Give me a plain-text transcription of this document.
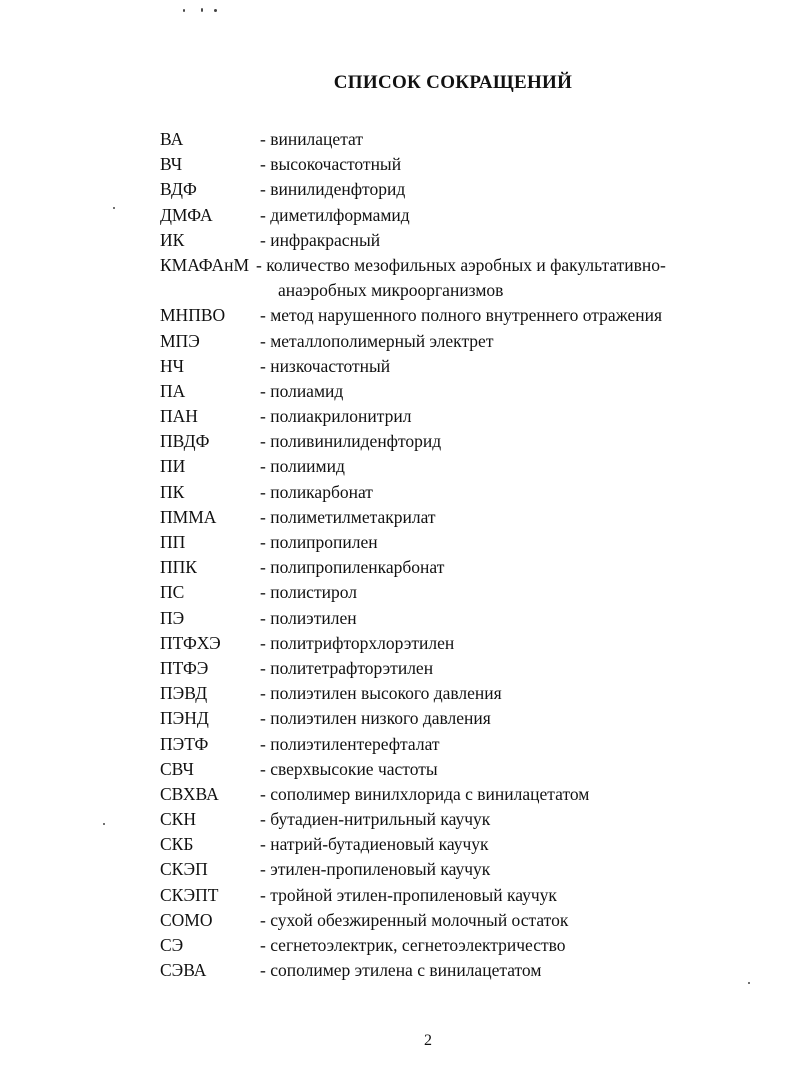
СПИСОК СОКРАЩЕНИЙ
ВА	- винилацетат
ВЧ	- высокочастотный
ВДФ	- винилиденфторид
ДМФА	- диметилформамид
ИК	- инфракрасный
КМАФАнМ - количество мезофильных аэробных и факультативно-
анаэробных микроорганизмов
МНПВО - метод нарушенного полного внутреннего отражения
МПЭ	- металлополимерный электрет
НЧ	- низкочастотный
ПА	- полиамид
ПАН	- полиакрилонитрил
ПВДФ	- поливинилиденфторид
ПИ	- полиимид
ПК	- поликарбонат
ПММА - полиметилметакрилат
ПП	- полипропилен
ППК	- полипропиленкарбонат
ПС	- полистирол
ПЭ	- полиэтилен
ПТФХЭ - политрифторхлорэтилен
ПТФЭ	- политетрафторэтилен
ПЭВД	- полиэтилен высокого давления
ПЭНД	- полиэтилен низкого давления
ПЭТФ	- полиэтилентерефталат
СВЧ	- сверхвысокие частоты
СВХВА - сополимер винилхлорида с винилацетатом
СКН	- бутадиен-нитрильный каучук
СКБ	- натрий-бутадиеновый каучук
СКЭП	- этилен-пропиленовый каучук
СКЭПТ - тройной этилен-пропиленовый каучук
СОМО	- сухой обезжиренный молочный остаток
СЭ	- сегнетоэлектрик, сегнетоэлектричество
СЭВА	- сополимер этилена с винилацетатом
2
